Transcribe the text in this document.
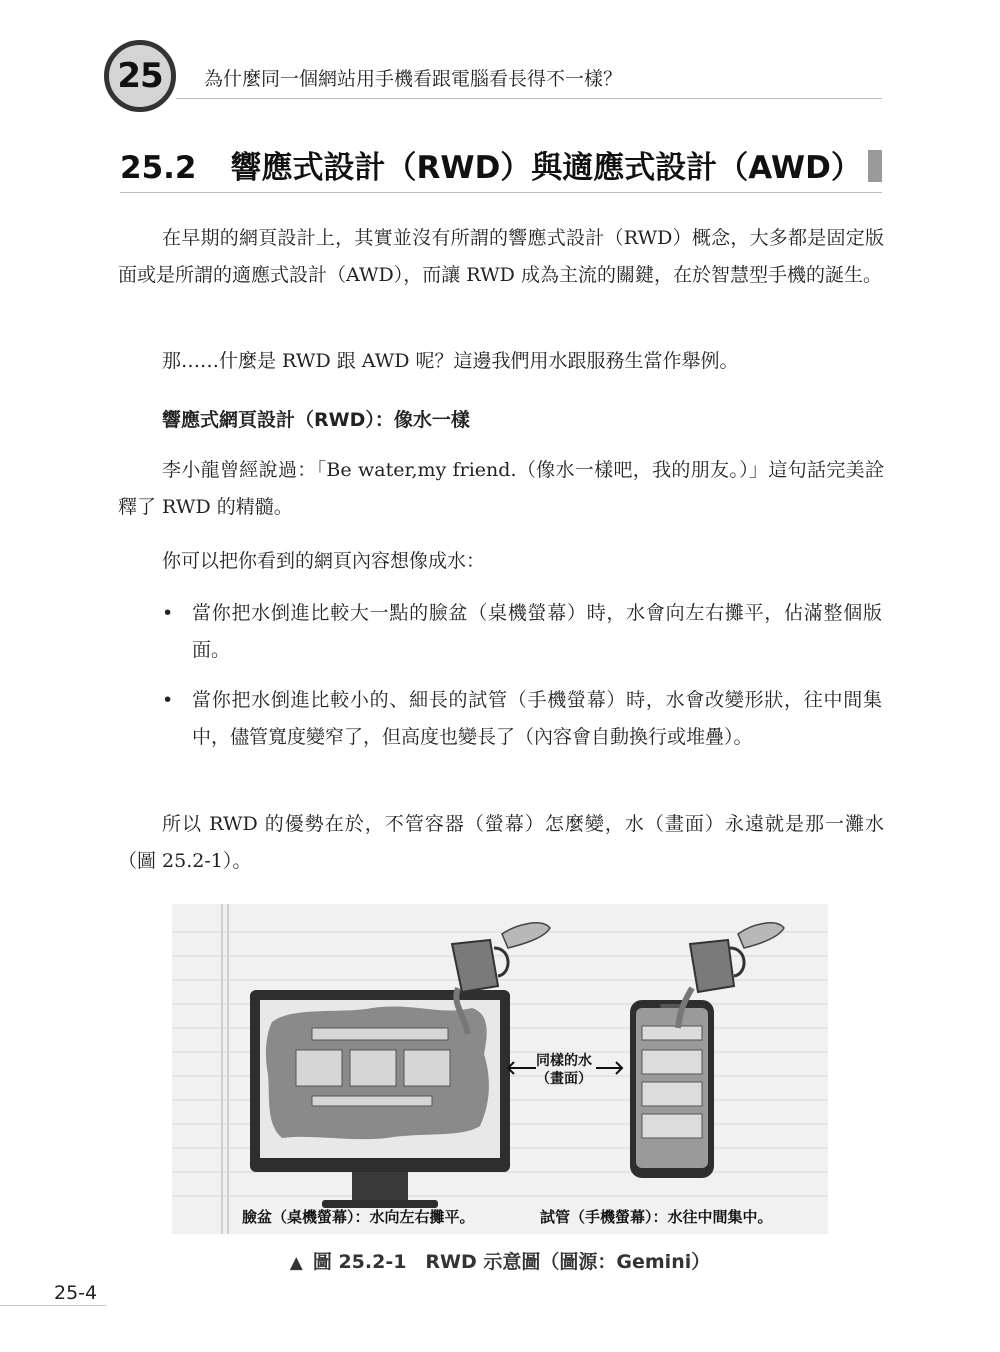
25 為什麼同一個網站用手機看跟電腦看長得不一樣？
25.2 響應式設計（RWD）與適應式設計（AWD）
在早期的網頁設計上，其實並沒有所謂的響應式設計（RWD）概念，大多都是固定版面或是所謂的適應式設計（AWD），而讓 RWD 成為主流的關鍵，在於智慧型手機的誕生。
那……什麼是 RWD 跟 AWD 呢？這邊我們用水跟服務生當作舉例。
響應式網頁設計（RWD）：像水一樣
李小龍曾經說過：「Be water,my friend.（像水一樣吧，我的朋友。）」這句話完美詮釋了 RWD 的精髓。
你可以把你看到的網頁內容想像成水：
• 當你把水倒進比較大一點的臉盆（桌機螢幕）時，水會向左右攤平，佔滿整個版面。
• 當你把水倒進比較小的、細長的試管（手機螢幕）時，水會改變形狀，往中間集中，儘管寬度變窄了，但高度也變長了（內容會自動換行或堆疊）。
所以 RWD 的優勢在於，不管容器（螢幕）怎麼變，水（畫面）永遠就是那一灘水（圖 25.2-1）。
同樣的水
（畫面）
臉盆（桌機螢幕）：水向左右攤平。	試管（手機螢幕）：水往中間集中。
▲ 圖 25.2-1　RWD 示意圖（圖源：Gemini）
25-4
